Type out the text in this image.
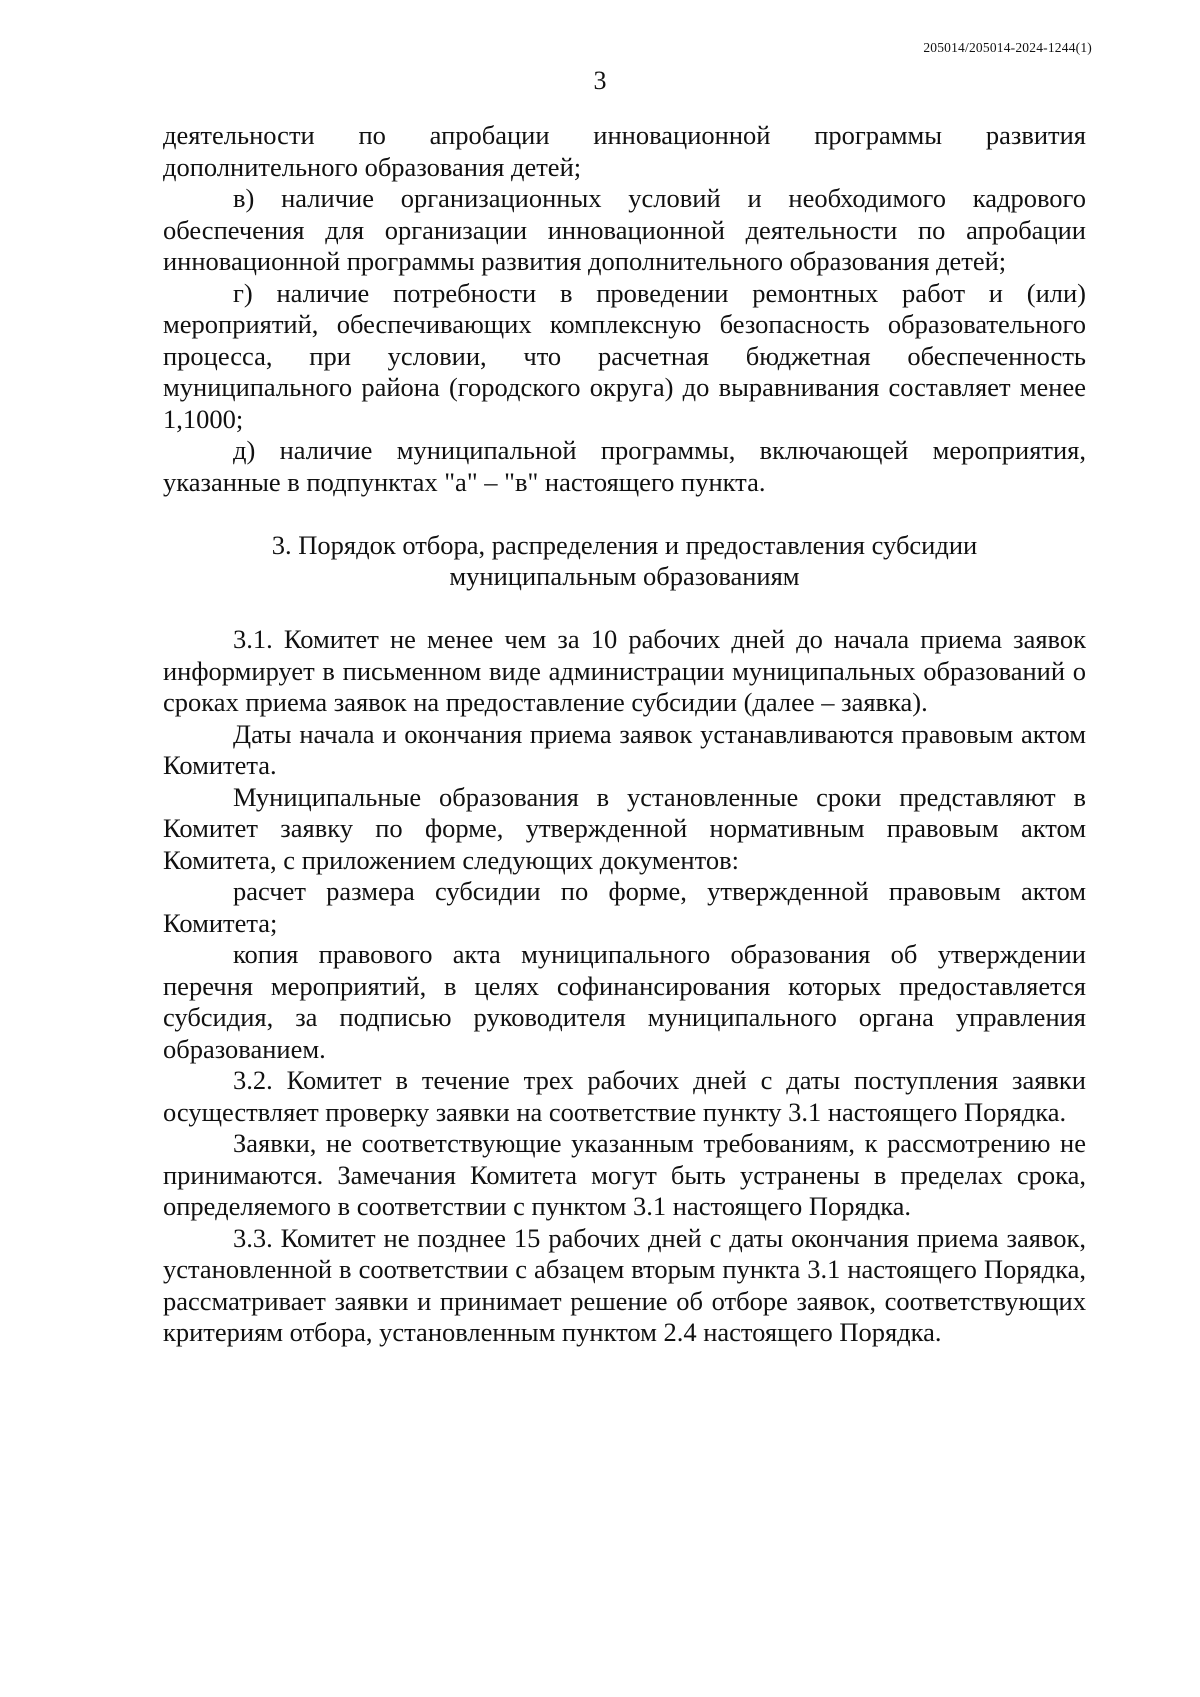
205014/205014-2024-1244(1)
3

деятельности по апробации инновационной программы развития дополнительного образования детей;

в) наличие организационных условий и необходимого кадрового обеспечения для организации инновационной деятельности по апробации инновационной программы развития дополнительного образования детей;

г) наличие потребности в проведении ремонтных работ и (или) мероприятий, обеспечивающих комплексную безопасность образовательного процесса, при условии, что расчетная бюджетная обеспеченность муниципального района (городского округа) до выравнивания составляет менее 1,1000;

д) наличие муниципальной программы, включающей мероприятия, указанные в подпунктах "а" – "в" настоящего пункта.

3. Порядок отбора, распределения и предоставления субсидии
муниципальным образованиям

3.1. Комитет не менее чем за 10 рабочих дней до начала приема заявок информирует в письменном виде администрации муниципальных образований о сроках приема заявок на предоставление субсидии (далее – заявка).

Даты начала и окончания приема заявок устанавливаются правовым актом Комитета.

Муниципальные образования в установленные сроки представляют в Комитет заявку по форме, утвержденной нормативным правовым актом Комитета, с приложением следующих документов:

расчет размера субсидии по форме, утвержденной правовым актом Комитета;

копия правового акта муниципального образования об утверждении перечня мероприятий, в целях софинансирования которых предоставляется субсидия, за подписью руководителя муниципального органа управления образованием.

3.2. Комитет в течение трех рабочих дней с даты поступления заявки осуществляет проверку заявки на соответствие пункту 3.1 настоящего Порядка.

Заявки, не соответствующие указанным требованиям, к рассмотрению не принимаются. Замечания Комитета могут быть устранены в пределах срока, определяемого в соответствии с пунктом 3.1 настоящего Порядка.

3.3. Комитет не позднее 15 рабочих дней с даты окончания приема заявок, установленной в соответствии с абзацем вторым пункта 3.1 настоящего Порядка, рассматривает заявки и принимает решение об отборе заявок, соответствующих критериям отбора, установленным пунктом 2.4 настоящего Порядка.
